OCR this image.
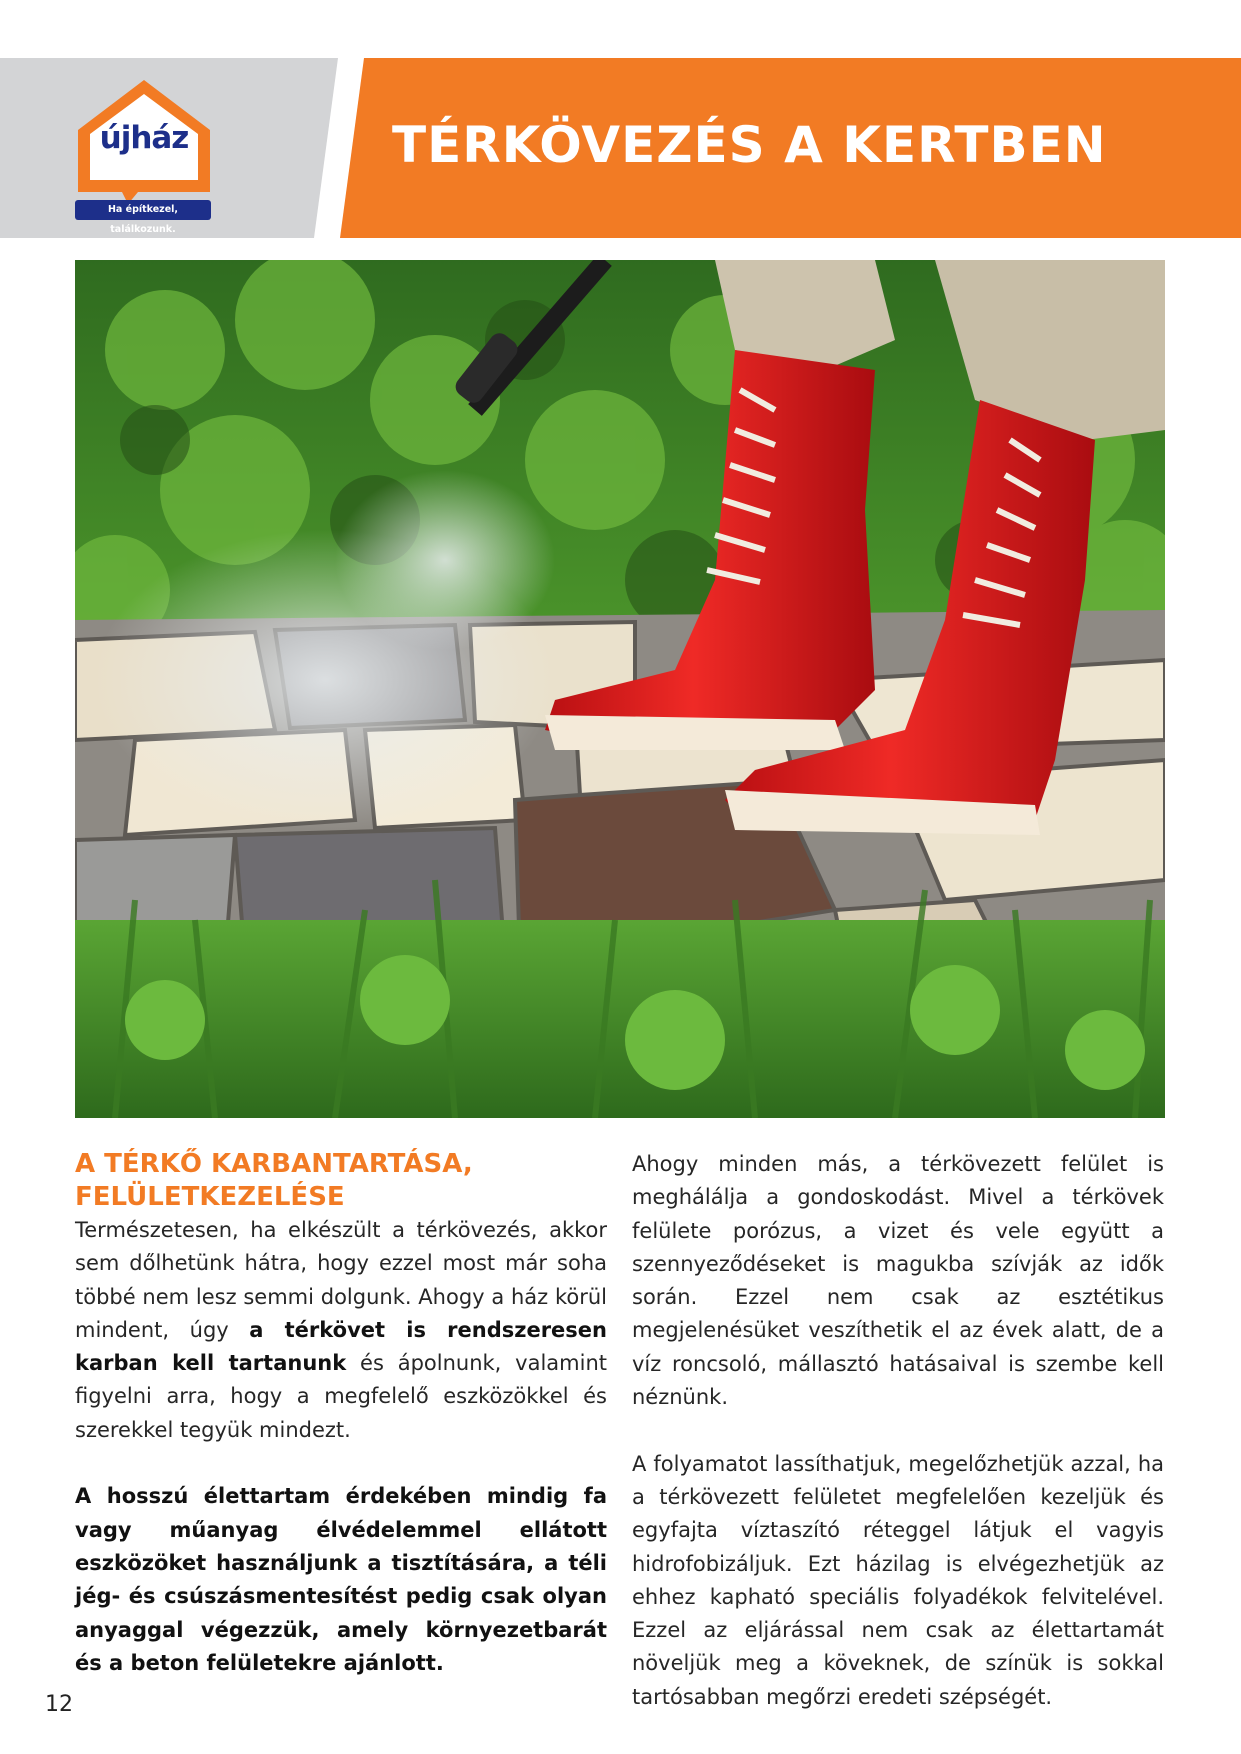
TÉRKÖVEZÉS A KERTBEN
újház
Ha építkezel, találkozunk.
A TÉRKŐ KARBANTARTÁSA,
FELÜLETKEZELÉSE

Természetesen, ha elkészült a térkövezés, akkor sem dőlhetünk hátra, hogy ezzel most már soha többé nem lesz semmi dolgunk. Ahogy a ház körül mindent, úgy a térkövet is rendszeresen karban kell tartanunk és ápolnunk, valamint figyelni arra, hogy a megfelelő eszközökkel és szerekkel tegyük mindezt.

A hosszú élettartam érdekében mindig fa vagy műanyag élvédelemmel ellátott eszközöket használjunk a tisztítására, a téli jég- és csúszásmentesítést pedig csak olyan anyaggal végezzük, amely környezetbarát és a beton felületekre ajánlott.

Ahogy minden más, a térkövezett felület is meghálálja a gondoskodást. Mivel a térkövek felülete porózus, a vizet és vele együtt a szennyeződéseket is magukba szívják az idők során. Ezzel nem csak az esztétikus megjelenésüket veszíthetik el az évek alatt, de a víz roncsoló, mállasztó hatásaival is szembe kell néznünk.

A folyamatot lassíthatjuk, megelőzhetjük azzal, ha a térkövezett felületet megfelelően kezeljük és egyfajta víztaszító réteggel látjuk el vagyis hidrofobizáljuk. Ezt házilag is elvégezhetjük az ehhez kapható speciális folyadékok felvitelével. Ezzel az eljárással nem csak az élettartamát növeljük meg a köveknek, de színük is sokkal tartósabban megőrzi eredeti szépségét.

12
